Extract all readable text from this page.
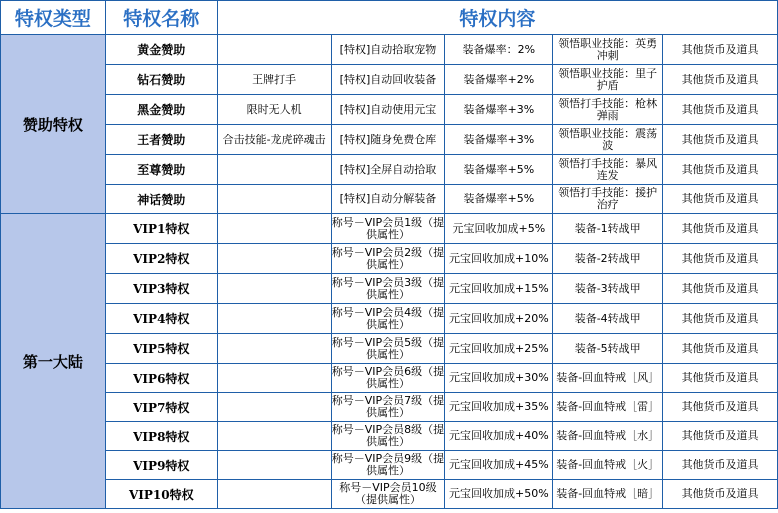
特权类型	特权名称	特权内容				
赞助特权	黄金赞助		[特权]自动拾取宠物	装备爆率：2%	领悟职业技能：英勇冲刺	其他货币及道具

	钻石赞助	王牌打手	[特权]自动回收装备	装备爆率+2%	领悟职业技能：里子护盾	其他货币及道具

	黑金赞助	限时无人机	[特权]自动使用元宝	装备爆率+3%	领悟打手技能：枪林弹雨	其他货币及道具

	王者赞助	合击技能-龙虎碎魂击	[特权]随身免费仓库	装备爆率+3%	领悟职业技能：震荡波	其他货币及道具

	至尊赞助		[特权]全屏自动拾取	装备爆率+5%	领悟打手技能：暴风连发	其他货币及道具

	神话赞助		[特权]自动分解装备	装备爆率+5%	领悟打手技能：援护治疗	其他货币及道具

第一大陆	VIP1特权		称号－VIP会员1级（提供属性）	元宝回收加成+5%	装备-1转战甲	其他货币及道具

	VIP2特权		称号－VIP会员2级（提供属性）	元宝回收加成+10%	装备-2转战甲	其他货币及道具

	VIP3特权		称号－VIP会员3级（提供属性）	元宝回收加成+15%	装备-3转战甲	其他货币及道具

	VIP4特权		称号－VIP会员4级（提供属性）	元宝回收加成+20%	装备-4转战甲	其他货币及道具

	VIP5特权		称号－VIP会员5级（提供属性）	元宝回收加成+25%	装备-5转战甲	其他货币及道具

	VIP6特权		称号－VIP会员6级（提供属性）	元宝回收加成+30%	装备-回血特戒［风］	其他货币及道具

	VIP7特权		称号－VIP会员7级（提供属性）	元宝回收加成+35%	装备-回血特戒［雷］	其他货币及道具

	VIP8特权		称号－VIP会员8级（提供属性）	元宝回收加成+40%	装备-回血特戒［水］	其他货币及道具

	VIP9特权		称号－VIP会员9级（提供属性）	元宝回收加成+45%	装备-回血特戒［火］	其他货币及道具

	VIP10特权		称号－VIP会员10级（提供属性）	元宝回收加成+50%	装备-回血特戒［暗］	其他货币及道具
